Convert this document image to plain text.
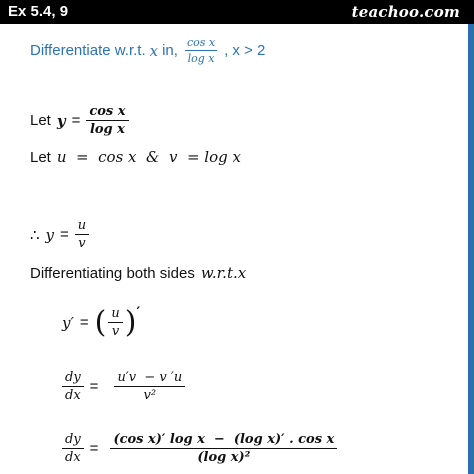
Ex 5.4, 9	teachoo.com
Differentiate w.r.t. x in, $\frac{\text{cos x}}{\text{log x}}$ , x > 2
Let $y = \frac{\text{cos x}}{\text{log x}}$
Let u  =  cos x  &  v  = log x
∴ $y = \frac{u}{v}$
Differentiating both sides w.r.t.x
y′ = ( $\frac{u}{v}$ ) ′
$\frac{dy}{dx} = \frac{u'v - v 'u}{\text{v²}}$
$\frac{dy}{dx} = \frac{\text{(cos x)′ log x  −  (log x)′ . cos x}}{\text{(log x)²}}$
